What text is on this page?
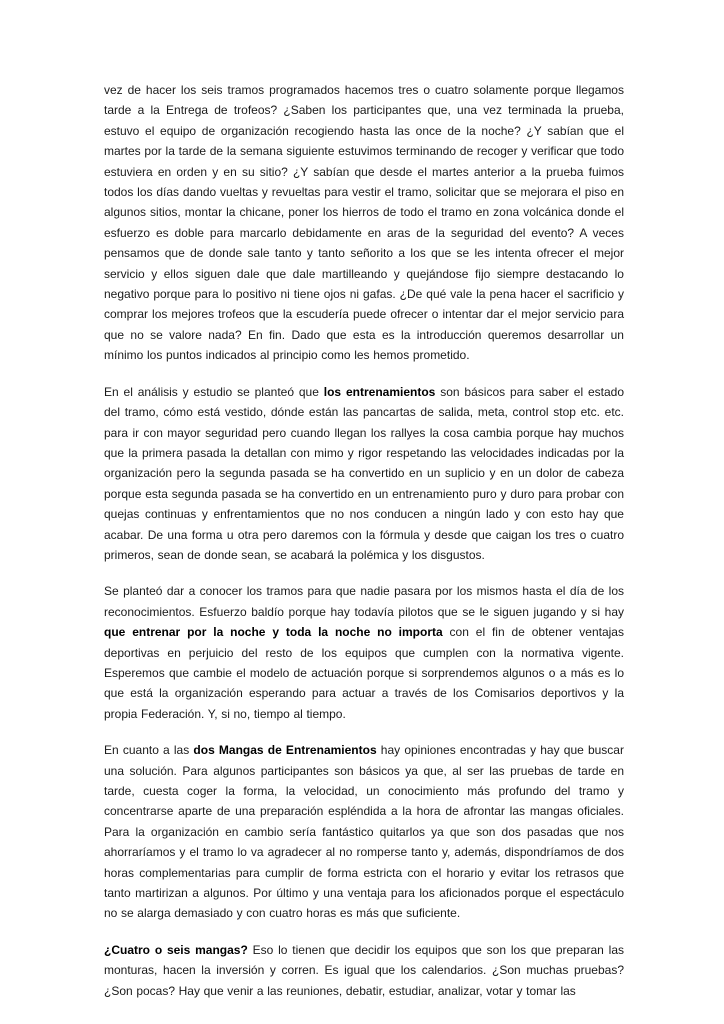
vez de hacer los seis tramos programados hacemos tres o cuatro solamente porque llegamos tarde a la Entrega de trofeos? ¿Saben los participantes que, una vez terminada la prueba, estuvo el equipo de organización recogiendo hasta las once de la noche? ¿Y sabían que el martes por la tarde de la semana siguiente estuvimos terminando de recoger y verificar que todo estuviera en orden y en su sitio? ¿Y sabían que desde el martes anterior a la prueba fuimos todos los días dando vueltas y revueltas para vestir el tramo, solicitar que se mejorara el piso en algunos sitios, montar la chicane, poner los hierros de todo el tramo en zona volcánica donde el esfuerzo es doble para marcarlo debidamente en aras de la seguridad del evento? A veces pensamos que de donde sale tanto y tanto señorito a los que se les intenta ofrecer el mejor servicio y ellos siguen dale que dale martilleando y quejándose fijo siempre destacando lo negativo porque para lo positivo ni tiene ojos ni gafas. ¿De qué vale la pena hacer el sacrificio y comprar los mejores trofeos que la escudería puede ofrecer o intentar dar el mejor servicio para que no se valore nada? En fin. Dado que esta es la introducción queremos desarrollar un mínimo los puntos indicados al principio como les hemos prometido.

En el análisis y estudio se planteó que los entrenamientos son básicos para saber el estado del tramo, cómo está vestido, dónde están las pancartas de salida, meta, control stop etc. etc. para ir con mayor seguridad pero cuando llegan los rallyes la cosa cambia porque hay muchos que la primera pasada la detallan con mimo y rigor respetando las velocidades indicadas por la organización pero la segunda pasada se ha convertido en un suplicio y en un dolor de cabeza porque esta segunda pasada se ha convertido en un entrenamiento puro y duro para probar con quejas continuas y enfrentamientos que no nos conducen a ningún lado y con esto hay que acabar. De una forma u otra pero daremos con la fórmula y desde que caigan los tres o cuatro primeros, sean de donde sean, se acabará la polémica y los disgustos.

Se planteó dar a conocer los tramos para que nadie pasara por los mismos hasta el día de los reconocimientos. Esfuerzo baldío porque hay todavía pilotos que se le siguen jugando y si hay que entrenar por la noche y toda la noche no importa con el fin de obtener ventajas deportivas en perjuicio del resto de los equipos que cumplen con la normativa vigente. Esperemos que cambie el modelo de actuación porque si sorprendemos algunos o a más es lo que está la organización esperando para actuar a través de los Comisarios deportivos y la propia Federación. Y, si no, tiempo al tiempo.

En cuanto a las dos Mangas de Entrenamientos hay opiniones encontradas y hay que buscar una solución. Para algunos participantes son básicos ya que, al ser las pruebas de tarde en tarde, cuesta coger la forma, la velocidad, un conocimiento más profundo del tramo y concentrarse aparte de una preparación espléndida a la hora de afrontar las mangas oficiales. Para la organización en cambio sería fantástico quitarlos ya que son dos pasadas que nos ahorraríamos y el tramo lo va agradecer al no romperse tanto y, además, dispondríamos de dos horas complementarias para cumplir de forma estricta con el horario y evitar los retrasos que tanto martirizan a algunos. Por último y una ventaja para los aficionados porque el espectáculo no se alarga demasiado y con cuatro horas es más que suficiente.

¿Cuatro o seis mangas? Eso lo tienen que decidir los equipos que son los que preparan las monturas, hacen la inversión y corren. Es igual que los calendarios. ¿Son muchas pruebas? ¿Son pocas? Hay que venir a las reuniones, debatir, estudiar, analizar, votar y tomar las
